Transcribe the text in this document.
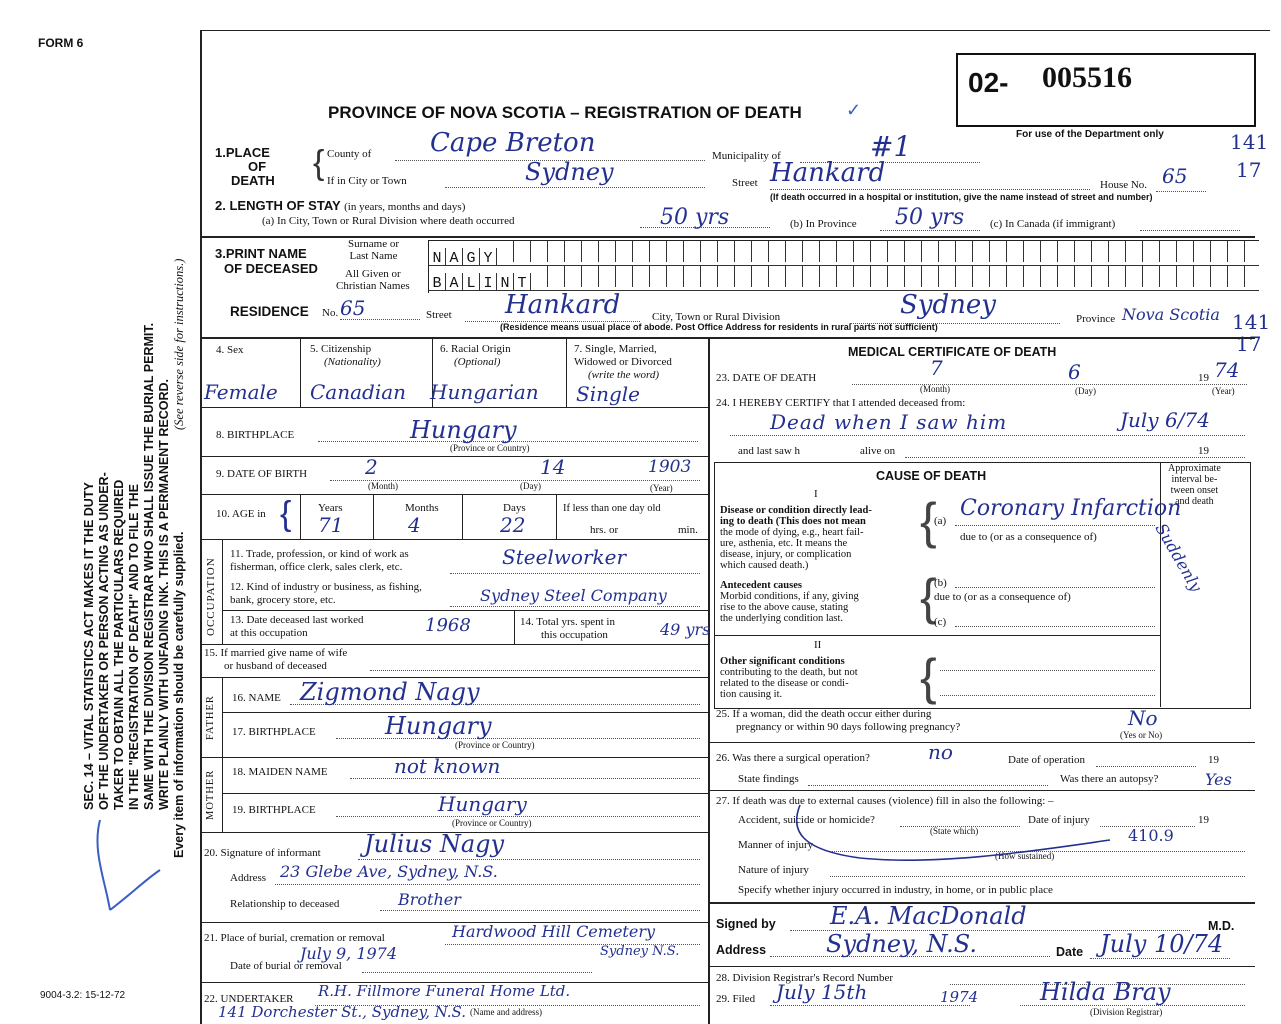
FORM 6
SEC. 14 – VITAL STATISTICS ACT MAKES IT THE DUTY OF THE UNDERTAKER OR PERSON ACTING AS UNDER- TAKER TO OBTAIN ALL THE PARTICULARS REQUIRED IN THE "REGISTRATION OF DEATH" AND TO FILE THE SAME WITH THE DIVISION REGISTRAR WHO SHALL ISSUE THE BURIAL PERMIT. WRITE PLAINLY WITH UNFADING INK. THIS IS A PERMANENT RECORD. Every item of information should be carefully supplied.
(See reverse side for instructions.)
9004-3.2: 15-12-72
02- 005516
For use of the Department only
PROVINCE OF NOVA SCOTIA – REGISTRATION OF DEATH ✓
141
17
141
17
1.PLACE
OF
DEATH { County of Cape Breton	Municipality of	#1
If in City or Town	Sydney	Street Hankard	House No. 65
(If death occurred in a hospital or institution, give the name instead of street and number)
2. LENGTH OF STAY (in years, months and days)
(a) In City, Town or Rural Division where death occurred	50 yrs	(b) In Province 50 yrs (c) In Canada (if immigrant)
3.PRINT NAME
OF DECEASED
Surname or
Last Name
All Given or
Christian Names
N A G Y
B A L I N T
RESIDENCE No. 65	Street Hankard	City, Town or Rural Division	Sydney	Province Nova Scotia
(Residence means usual place of abode. Post Office Address for residents in rural parts not sufficient)
4. Sex	5. Citizenship
(Nationality)
6. Racial Origin
(Optional)
7. Single, Married,
Widowed or Divorced
(write the word)
Female Canadian Hungarian Single
8. BIRTHPLACE	Hungary
(Province or Country)
9. DATE OF BIRTH	2	14	1903
(Month)	(Day)	(Year)
10. AGE in { Years	Months	Days
71	4	22
If less than one day old
hrs. or	min.
OCCUPATION
11. Trade, profession, or kind of work as
fisherman, office clerk, sales clerk, etc.	Steelworker
12. Kind of industry or business, as fishing,
bank, grocery store, etc.	Sydney Steel Company
13. Date deceased last worked
at this occupation	1968	14. Total yrs. spent in
this occupation	49 yrs
15. If married give name of wife
or husband of deceased
FATHER 16. NAME Zigmond Nagy
17. BIRTHPLACE	Hungary
(Province or Country)
MOTHER 18. MAIDEN NAME	not known
19. BIRTHPLACE	Hungary
(Province or Country)
20. Signature of informant Julius Nagy
Address 23 Glebe Ave, Sydney, N.S.
Relationship to deceased	Brother
21. Place of burial, cremation or removal	Hardwood Hill Cemetery
Sydney N.S.
Date of burial or removal
July 9, 1974
22. UNDERTAKER R.H. Fillmore Funeral Home Ltd.
141 Dorchester St., Sydney, N.S. (Name and address)
MEDICAL CERTIFICATE OF DEATH
23. DATE OF DEATH	7	6	19 74
(Month)	(Day)	(Year)
24. I HEREBY CERTIFY that I attended deceased from:
Dead when I saw him	July 6/74
and last saw h	alive on	19
CAUSE OF DEATH
Approximate
interval be-
tween onset
and death
I
Disease or condition directly lead-
ing to death (This does not mean
the mode of dying, e.g., heart fail-
ure, asthenia, etc. It means the
disease, injury, or complication
which caused death.)
{
(a) Coronary Infarction
due to (or as a consequence of)	Suddenly
Antecedent causes
Morbid conditions, if any, giving
rise to the above cause, stating
the underlying condition last.	{
(b)
due to (or as a consequence of)
(c)
II
Other significant conditions
contributing to the death, but not
related to the disease or condi-
tion causing it.	{
25. If a woman, did the death occur either during
pregnancy or within 90 days following pregnancy?	No
(Yes or No)
26. Was there a surgical operation?	no	Date of operation	19
State findings	Was there an autopsy?	Yes
27. If death was due to external causes (violence) fill in also the following: –
Accident, suicide or homicide?
(State which)
Date of injury	19
410.9
Manner of injury
(How sustained)
Nature of injury
Specify whether injury occurred in industry, in home, or in public place
Signed by E.A. MacDonald	M.D.
Address Sydney, N.S.	Date July 10/74
28. Division Registrar's Record Number
29. Filed July 15th	1974	Hilda Bray
(Division Registrar)
